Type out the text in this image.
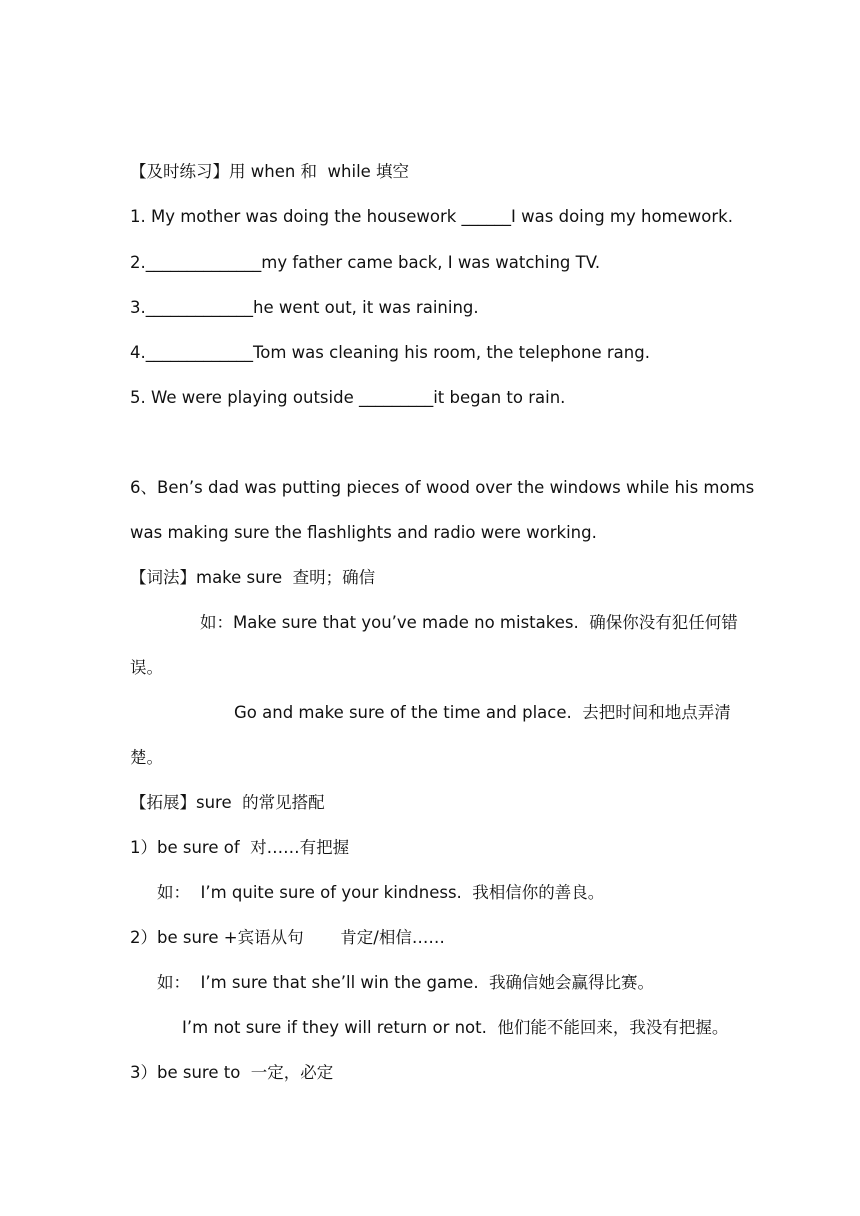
【及时练习】用 when 和  while 填空
1. My mother was doing the housework ______I was doing my homework.
2.______________my father came back, I was watching TV.
3._____________he went out, it was raining.
4._____________Tom was cleaning his room, the telephone rang.
5. We were playing outside _________it began to rain.
6、Ben’s dad was putting pieces of wood over the windows while his moms
was making sure the flashlights and radio were working.
【词法】make sure  查明；确信
如：Make sure that you’ve made no mistakes.  确保你没有犯任何错
误。
Go and make sure of the time and place.  去把时间和地点弄清
楚。
【拓展】sure  的常见搭配
1）be sure of  对……有把握
如：  I’m quite sure of your kindness.  我相信你的善良。
2）be sure +宾语从句       肯定/相信……
如：  I’m sure that she’ll win the game.  我确信她会赢得比赛。
I’m not sure if they will return or not.  他们能不能回来，我没有把握。
3）be sure to  一定，必定
